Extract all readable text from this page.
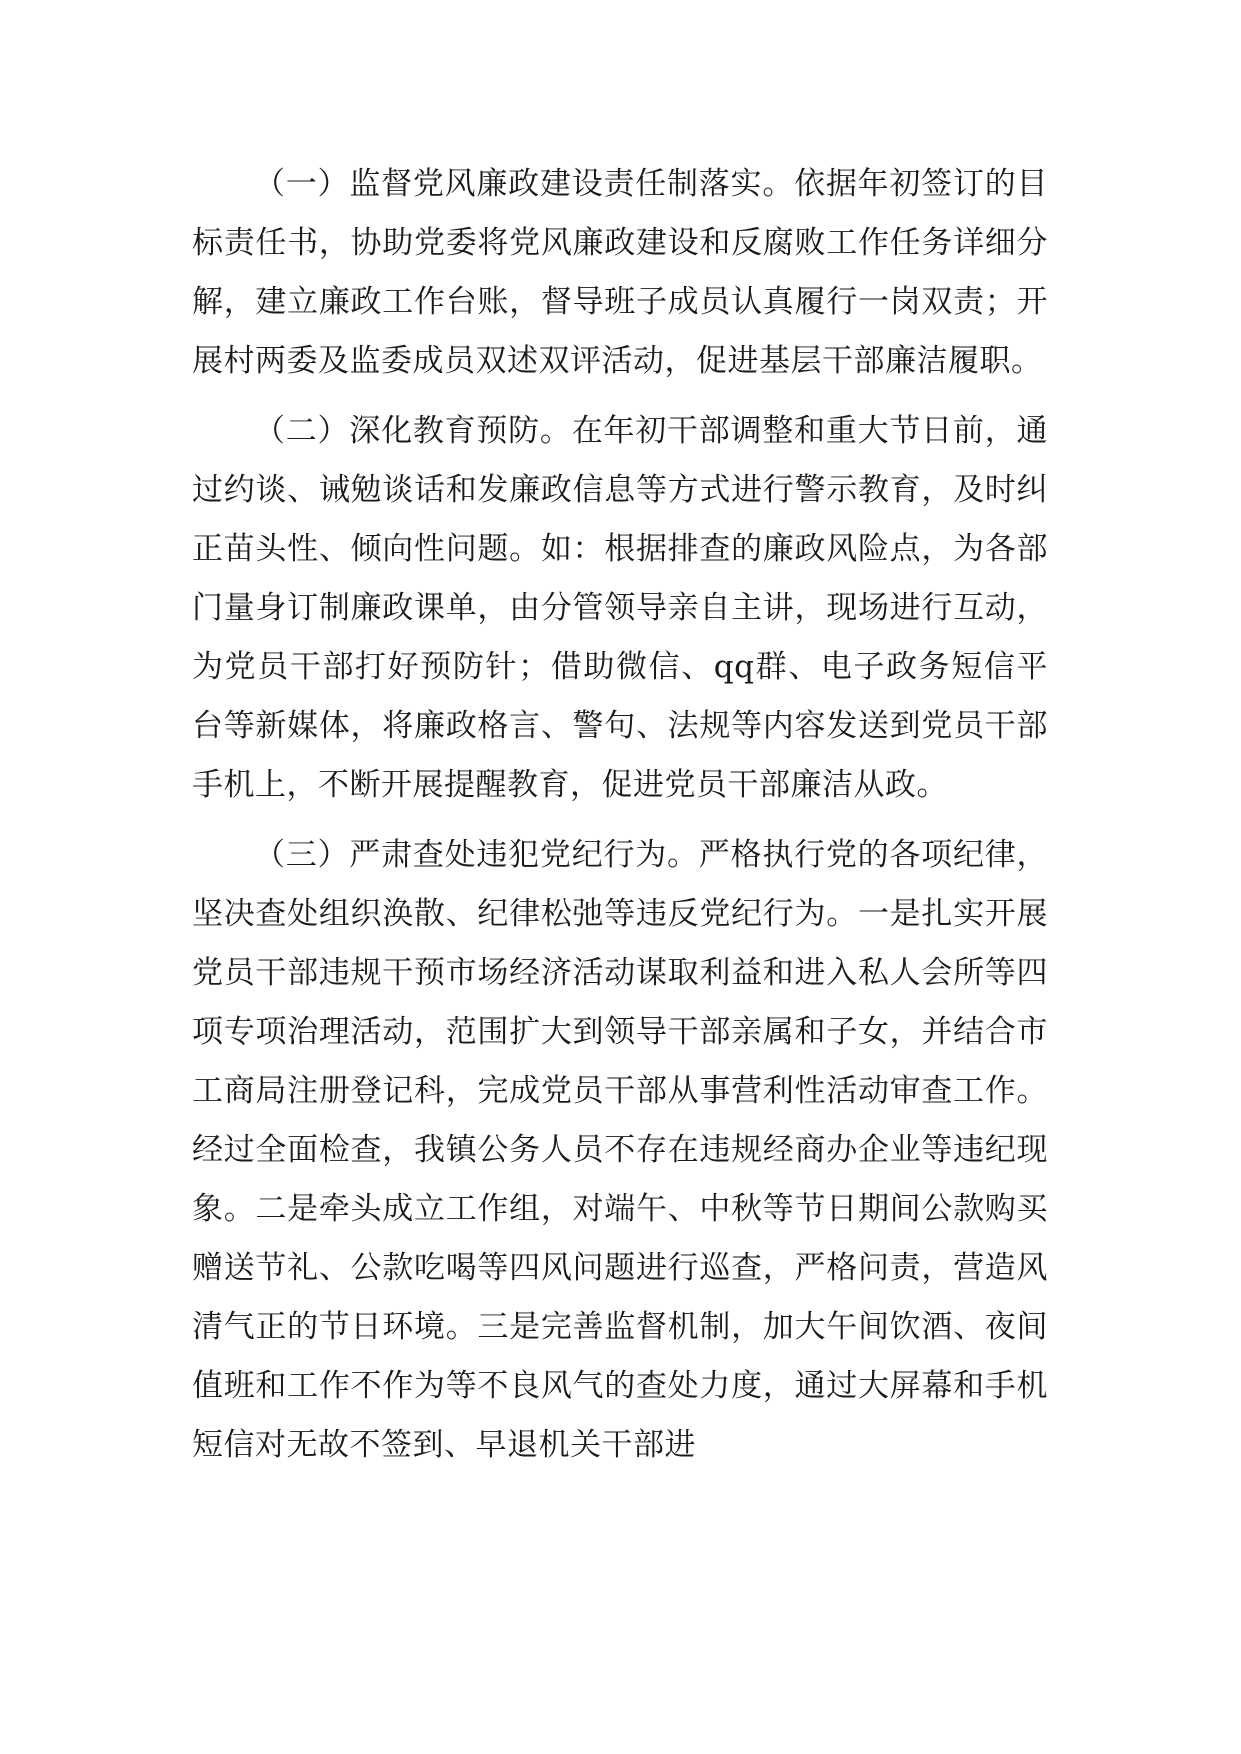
（一）监督党风廉政建设责任制落实。依据年初签订的目标责任书，协助党委将党风廉政建设和反腐败工作任务详细分解，建立廉政工作台账，督导班子成员认真履行一岗双责；开展村两委及监委成员双述双评活动，促进基层干部廉洁履职。

（二）深化教育预防。在年初干部调整和重大节日前，通过约谈、诫勉谈话和发廉政信息等方式进行警示教育，及时纠正苗头性、倾向性问题。如：根据排查的廉政风险点，为各部门量身订制廉政课单，由分管领导亲自主讲，现场进行互动，为党员干部打好预防针；借助微信、qq群、电子政务短信平台等新媒体，将廉政格言、警句、法规等内容发送到党员干部手机上，不断开展提醒教育，促进党员干部廉洁从政。

（三）严肃查处违犯党纪行为。严格执行党的各项纪律，坚决查处组织涣散、纪律松弛等违反党纪行为。一是扎实开展党员干部违规干预市场经济活动谋取利益和进入私人会所等四项专项治理活动，范围扩大到领导干部亲属和子女，并结合市工商局注册登记科，完成党员干部从事营利性活动审查工作。经过全面检查，我镇公务人员不存在违规经商办企业等违纪现象。二是牵头成立工作组，对端午、中秋等节日期间公款购买赠送节礼、公款吃喝等四风问题进行巡查，严格问责，营造风清气正的节日环境。三是完善监督机制，加大午间饮酒、夜间值班和工作不作为等不良风气的查处力度，通过大屏幕和手机短信对无故不签到、早退机关干部进
